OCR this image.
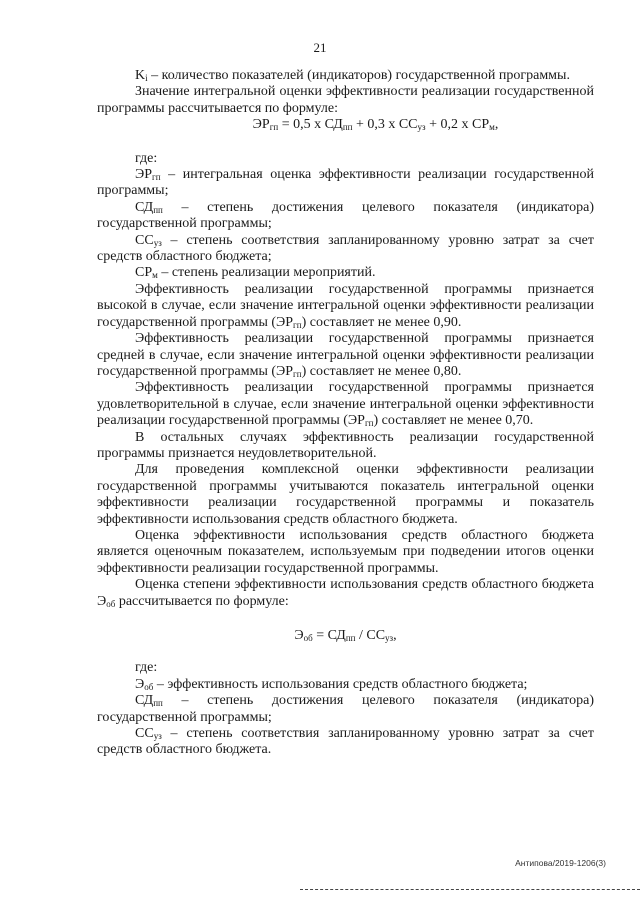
21

$K_i$ – количество показателей (индикаторов) государственной программы.

Значение интегральной оценки эффективности реализации государственной программы рассчитывается по формуле:

$ЭР_{гп} = 0,5$ х $СД_{пп} + 0,3$ х $СС_{уз} + 0,2$ х $СР_м$,

где:

$ЭР_{гп}$ – интегральная оценка эффективности реализации государственной программы;

$СД_{пп}$ – степень достижения целевого показателя (индикатора) государственной программы;

$СС_{уз}$ – степень соответствия запланированному уровню затрат за счет средств областного бюджета;

$СР_м$ – степень реализации мероприятий.

Эффективность реализации государственной программы признается высокой в случае, если значение интегральной оценки эффективности реализации государственной программы $(ЭР_{гп})$ составляет не менее 0,90.

Эффективность реализации государственной программы признается средней в случае, если значение интегральной оценки эффективности реализации государственной программы $(ЭР_{гп})$ составляет не менее 0,80.

Эффективность реализации государственной программы признается удовлетворительной в случае, если значение интегральной оценки эффективности реализации государственной программы $(ЭР_{гп})$ составляет не менее 0,70.

В остальных случаях эффективность реализации государственной программы признается неудовлетворительной.

Для проведения комплексной оценки эффективности реализации государственной программы учитываются показатель интегральной оценки эффективности реализации государственной программы и показатель эффективности использования средств областного бюджета.

Оценка эффективности использования средств областного бюджета является оценочным показателем, используемым при подведении итогов оценки эффективности реализации государственной программы.

Оценка степени эффективности использования средств областного бюджета $Э_{об}$ рассчитывается по формуле:

$Э_{об} = СД_{пп} / СС_{уз}$,

где:

$Э_{об}$ – эффективность использования средств областного бюджета;

$СД_{пп}$ – степень достижения целевого показателя (индикатора) государственной программы;

$СС_{уз}$ – степень соответствия запланированному уровню затрат за счет средств областного бюджета.

Антипова/2019-1206(3)
